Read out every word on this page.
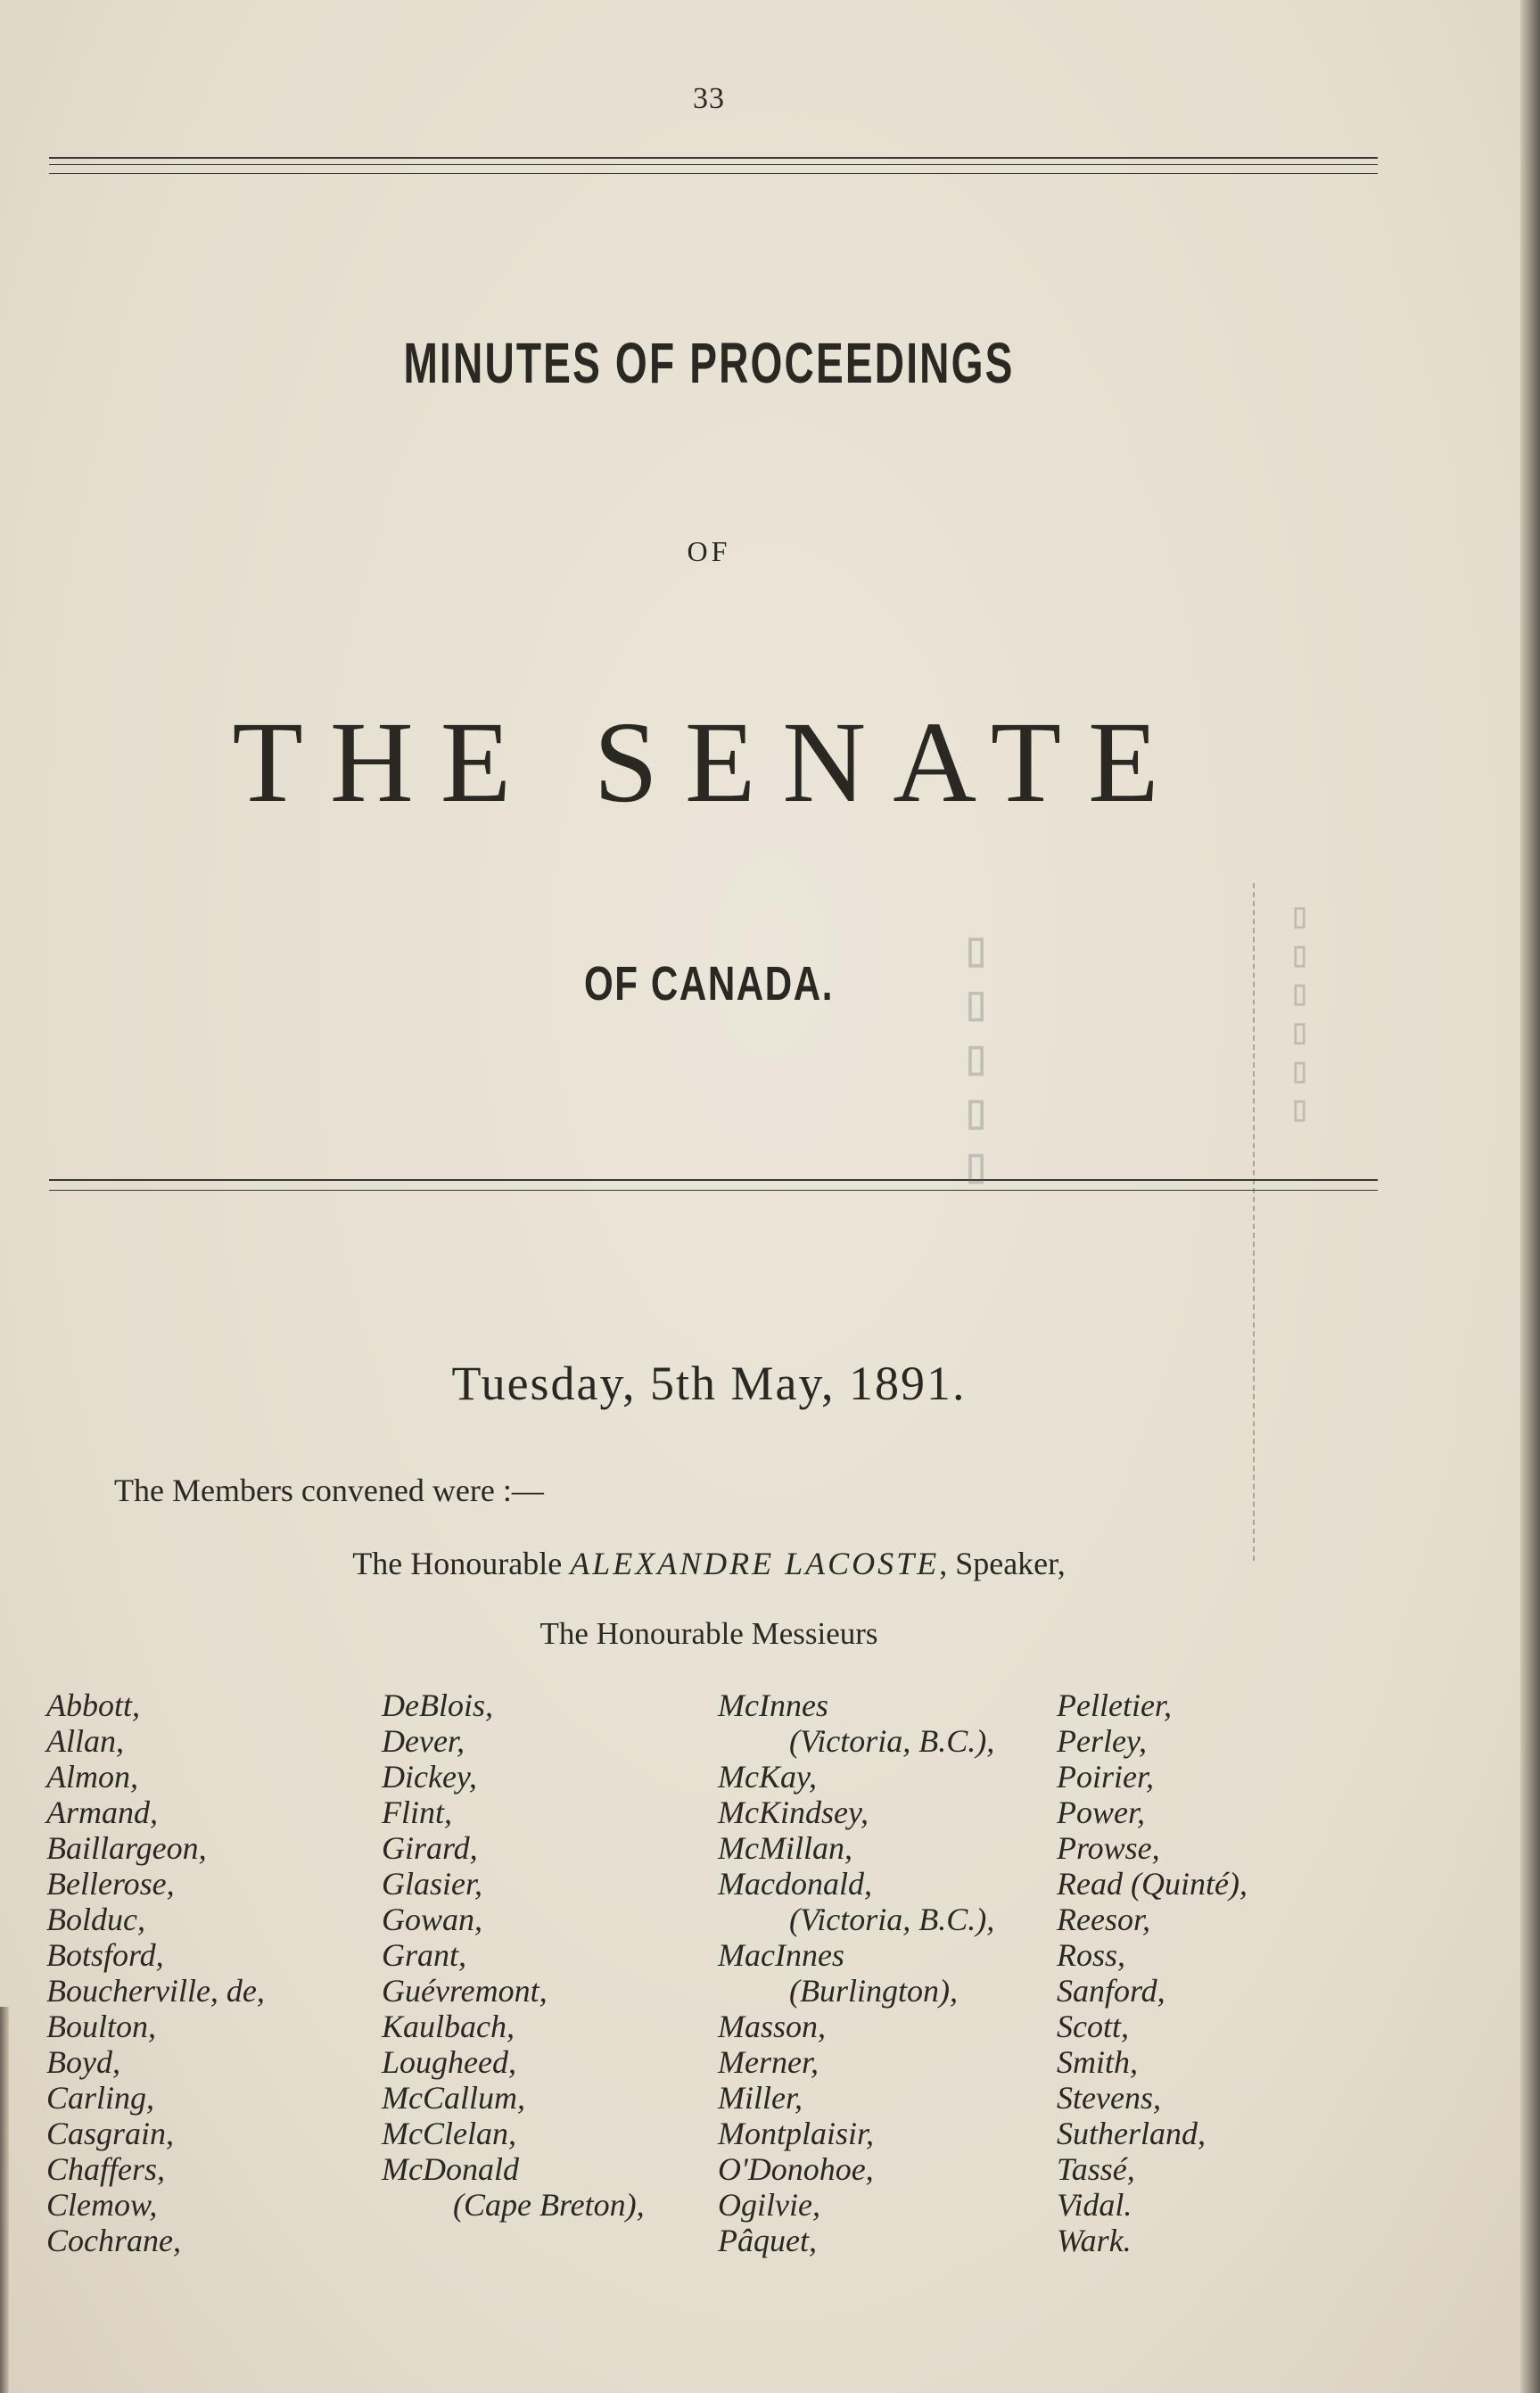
33
MINUTES OF PROCEEDINGS
OF
THE SENATE
OF CANADA.	▯ ▯ ▯ ▯ ▯	▯ ▯ ▯ ▯ ▯ ▯
Tuesday, 5th May, 1891.
The Members convened were :—
The Honourable ALEXANDRE LACOSTE, Speaker,
The Honourable Messieurs
Abbott,
Allan,
Almon,
Armand,
Baillargeon,
Bellerose,
Bolduc,
Botsford,
Boucherville, de,
Boulton,
Boyd,
Carling,
Casgrain,
Chaffers,
Clemow,
Cochrane,
DeBlois,
Dever,
Dickey,
Flint,
Girard,
Glasier,
Gowan,
Grant,
Guévremont,
Kaulbach,
Lougheed,
McCallum,
McClelan,
McDonald
(Cape Breton),
McInnes
(Victoria, B.C.),
McKay,
McKindsey,
McMillan,
Macdonald,
(Victoria, B.C.),
MacInnes
(Burlington),
Masson,
Merner,
Miller,
Montplaisir,
O'Donohoe,
Ogilvie,
Pâquet,
Pelletier,
Perley,
Poirier,
Power,
Prowse,
Read (Quinté),
Reesor,
Ross,
Sanford,
Scott,
Smith,
Stevens,
Sutherland,
Tassé,
Vidal.
Wark.
